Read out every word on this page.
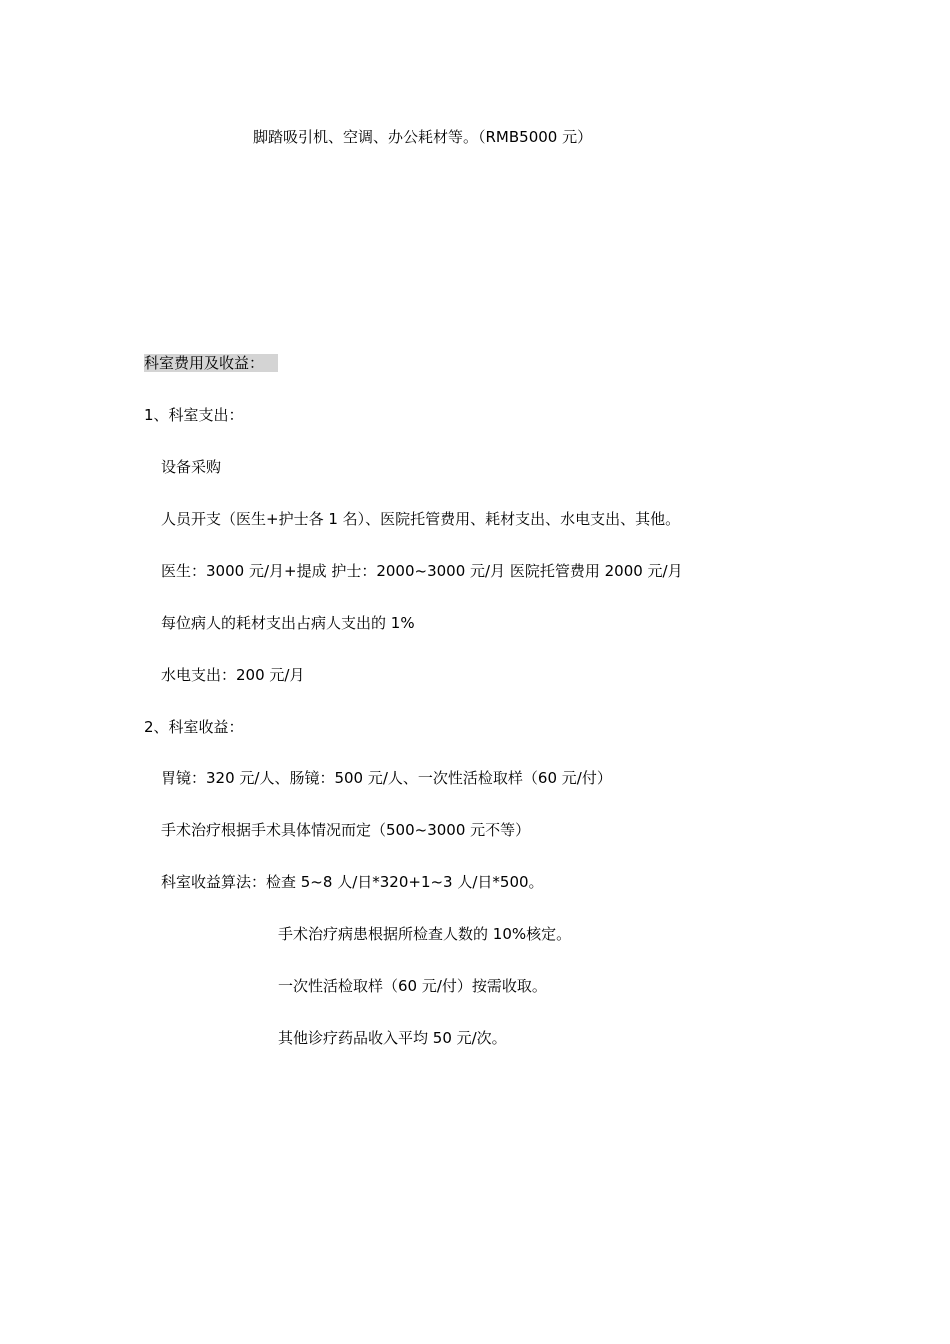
脚踏吸引机、空调、办公耗材等。（RMB5000 元）
科室费用及收益：
1、科室支出：
设备采购
人员开支（医生+护士各 1 名）、医院托管费用、耗材支出、水电支出、其他。
医生：3000 元/月+提成 护士：2000~3000 元/月 医院托管费用 2000 元/月
每位病人的耗材支出占病人支出的 1%
水电支出：200 元/月
2、科室收益：
胃镜：320 元/人、肠镜：500 元/人、一次性活检取样（60 元/付）
手术治疗根据手术具体情况而定（500~3000 元不等）
科室收益算法：检查 5~8 人/日*320+1~3 人/日*500。
手术治疗病患根据所检查人数的 10%核定。
一次性活检取样（60 元/付）按需收取。
其他诊疗药品收入平均 50 元/次。
